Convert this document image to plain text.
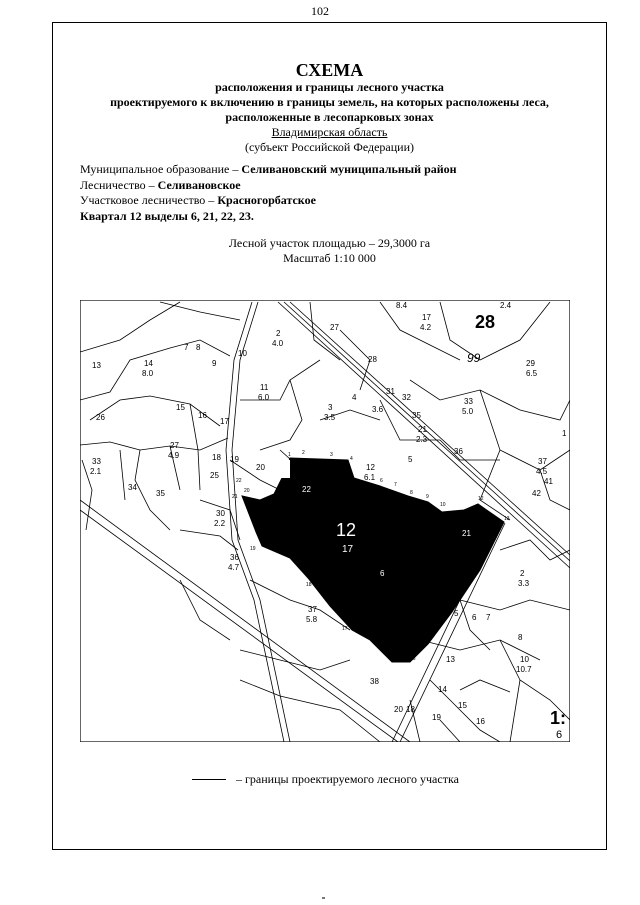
102
СХЕМА
расположения и границы лесного участка
проектируемого к включению в границы земель, на которых расположены леса,
расположенные в лесопарковых зонах
Владимирская область
(субъект Российской Федерации)
Муниципальное образование – Селивановский муниципальный район
Лесничество – Селивановское
Участковое лесничество – Красногорбатское
Квартал 12 выделы 6, 21, 22, 23.
Лесной участок площадью – 29,3000 га
Масштаб 1:10 000
28
99
12
17
1:
6
8.4	2.4
17
4.2
27
2
4.0
13	14
8.0
7 8
9	28	29
6.5
10
11
6.0
31
32
3
3.5
4
3.6
35
33
5.0
26
15
16
17
21
2.3
1
27
4.9	18 19
20	12
6.1
5
36
37
4.5
33
2.1
34
35
25
42
41
30
2.2
36
4.7
22
6
21
2
3.3
37
5.8
5 6 7
8
13	10
10.7
38
14
15
20 18
19	16
1 2	3
4
5
6
7
8
9
10
11
12
13
14
15
16
17
18
19
20
21
22
– границы проектируемого лесного участка
